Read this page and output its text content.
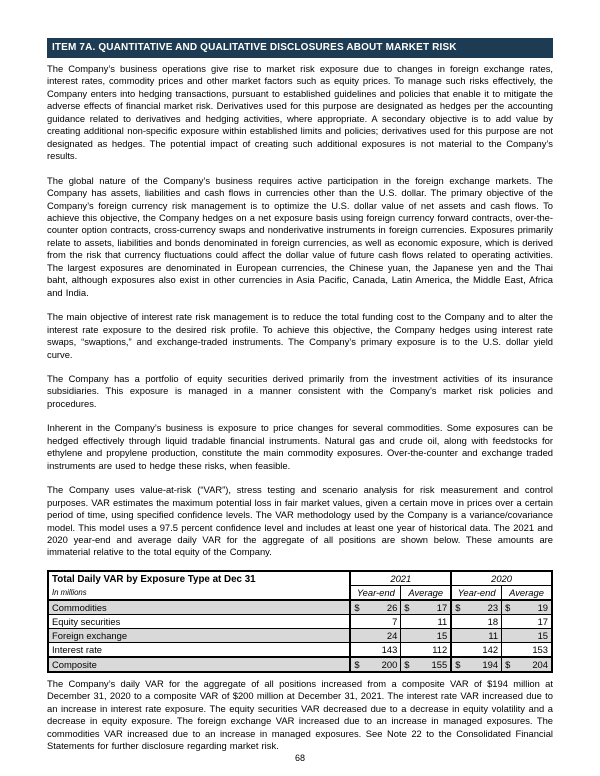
ITEM 7A. QUANTITATIVE AND QUALITATIVE DISCLOSURES ABOUT MARKET RISK

The Company’s business operations give rise to market risk exposure due to changes in foreign exchange rates, interest rates, commodity prices and other market factors such as equity prices. To manage such risks effectively, the Company enters into hedging transactions, pursuant to established guidelines and policies that enable it to mitigate the adverse effects of financial market risk. Derivatives used for this purpose are designated as hedges per the accounting guidance related to derivatives and hedging activities, where appropriate. A secondary objective is to add value by creating additional non-specific exposure within established limits and policies; derivatives used for this purpose are not designated as hedges. The potential impact of creating such additional exposures is not material to the Company’s results.

The global nature of the Company’s business requires active participation in the foreign exchange markets. The Company has assets, liabilities and cash flows in currencies other than the U.S. dollar. The primary objective of the Company’s foreign currency risk management is to optimize the U.S. dollar value of net assets and cash flows. To achieve this objective, the Company hedges on a net exposure basis using foreign currency forward contracts, over-the-counter option contracts, cross-currency swaps and nonderivative instruments in foreign currencies. Exposures primarily relate to assets, liabilities and bonds denominated in foreign currencies, as well as economic exposure, which is derived from the risk that currency fluctuations could affect the dollar value of future cash flows related to operating activities. The largest exposures are denominated in European currencies, the Chinese yuan, the Japanese yen and the Thai baht, although exposures also exist in other currencies in Asia Pacific, Canada, Latin America, the Middle East, Africa and India.

The main objective of interest rate risk management is to reduce the total funding cost to the Company and to alter the interest rate exposure to the desired risk profile. To achieve this objective, the Company hedges using interest rate swaps, “swaptions,” and exchange-traded instruments. The Company’s primary exposure is to the U.S. dollar yield curve.

The Company has a portfolio of equity securities derived primarily from the investment activities of its insurance subsidiaries. This exposure is managed in a manner consistent with the Company’s market risk policies and procedures.

Inherent in the Company’s business is exposure to price changes for several commodities. Some exposures can be hedged effectively through liquid tradable financial instruments. Natural gas and crude oil, along with feedstocks for ethylene and propylene production, constitute the main commodity exposures. Over-the-counter and exchange traded instruments are used to hedge these risks, when feasible.

The Company uses value-at-risk (“VAR”), stress testing and scenario analysis for risk measurement and control purposes. VAR estimates the maximum potential loss in fair market values, given a certain move in prices over a certain period of time, using specified confidence levels. The VAR methodology used by the Company is a variance/covariance model. This model uses a 97.5 percent confidence level and includes at least one year of historical data. The 2021 and 2020 year-end and average daily VAR for the aggregate of all positions are shown below. These amounts are immaterial relative to the total equity of the Company.

Total Daily VAR by Exposure Type at Dec 31
In millions	2021		2020	
	Year-end	Average	Year-end	Average
Commodities	$ 26	$ 17	$ 23	$ 19

Equity securities	7	11	18	17
Foreign exchange	24	15	11	15
Interest rate	143	112	142	153
Composite	$ 200	$ 155	$ 194	$ 204

The Company’s daily VAR for the aggregate of all positions increased from a composite VAR of $194 million at December 31, 2020 to a composite VAR of $200 million at December 31, 2021. The interest rate VAR increased due to an increase in interest rate exposure. The equity securities VAR decreased due to a decrease in equity volatility and a decrease in equity exposure. The foreign exchange VAR increased due to an increase in managed exposures. The commodities VAR increased due to an increase in managed exposures. See Note 22 to the Consolidated Financial Statements for further disclosure regarding market risk.

68
